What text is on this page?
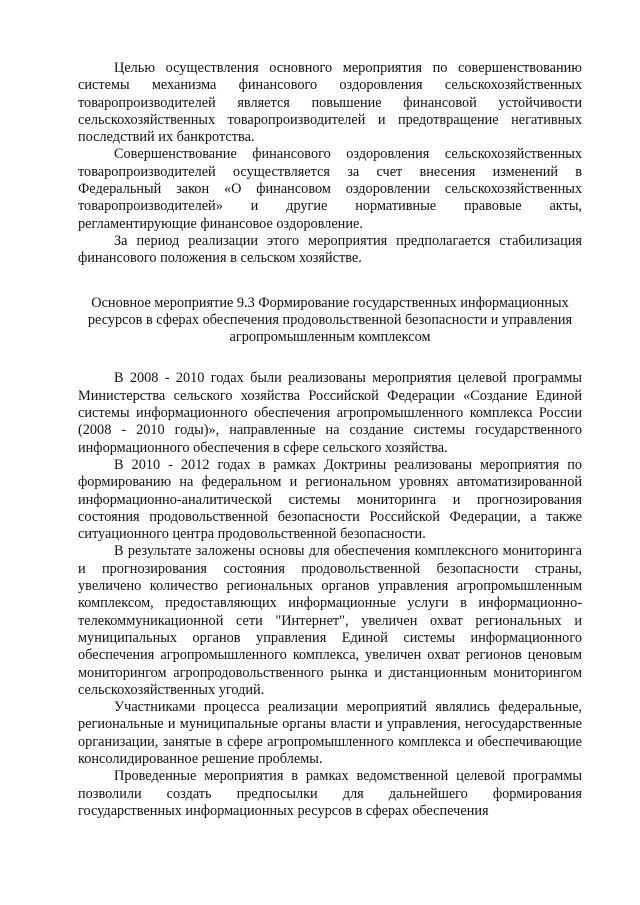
Целью осуществления основного мероприятия по совершенствованию системы механизма финансового оздоровления сельскохозяйственных товаропроизводителей является повышение финансовой устойчивости сельскохозяйственных товаропроизводителей и предотвращение негативных последствий их банкротства.

Совершенствование финансового оздоровления сельскохозяйственных товаропроизводителей осуществляется за счет внесения изменений в Федеральный закон «О финансовом оздоровлении сельскохозяйственных товаропроизводителей» и другие нормативные правовые акты, регламентирующие финансовое оздоровление.

За период реализации этого мероприятия предполагается стабилизация финансового положения в сельском хозяйстве.

Основное мероприятие 9.3 Формирование государственных информационных ресурсов в сферах обеспечения продовольственной безопасности и управления агропромышленным комплексом

В 2008 - 2010 годах были реализованы мероприятия целевой программы Министерства сельского хозяйства Российской Федерации «Создание Единой системы информационного обеспечения агропромышленного комплекса России (2008 - 2010 годы)», направленные на создание системы государственного информационного обеспечения в сфере сельского хозяйства.

В 2010 - 2012 годах в рамках Доктрины реализованы мероприятия по формированию на федеральном и региональном уровнях автоматизированной информационно-аналитической системы мониторинга и прогнозирования состояния продовольственной безопасности Российской Федерации, а также ситуационного центра продовольственной безопасности.

В результате заложены основы для обеспечения комплексного мониторинга и прогнозирования состояния продовольственной безопасности страны, увеличено количество региональных органов управления агропромышленным комплексом, предоставляющих информационные услуги в информационно-телекоммуникационной сети "Интернет", увеличен охват региональных и муниципальных органов управления Единой системы информационного обеспечения агропромышленного комплекса, увеличен охват регионов ценовым мониторингом агропродовольственного рынка и дистанционным мониторингом сельскохозяйственных угодий.

Участниками процесса реализации мероприятий являлись федеральные, региональные и муниципальные органы власти и управления, негосударственные организации, занятые в сфере агропромышленного комплекса и обеспечивающие консолидированное решение проблемы.

Проведенные мероприятия в рамках ведомственной целевой программы позволили создать предпосылки для дальнейшего формирования государственных информационных ресурсов в сферах обеспечения
